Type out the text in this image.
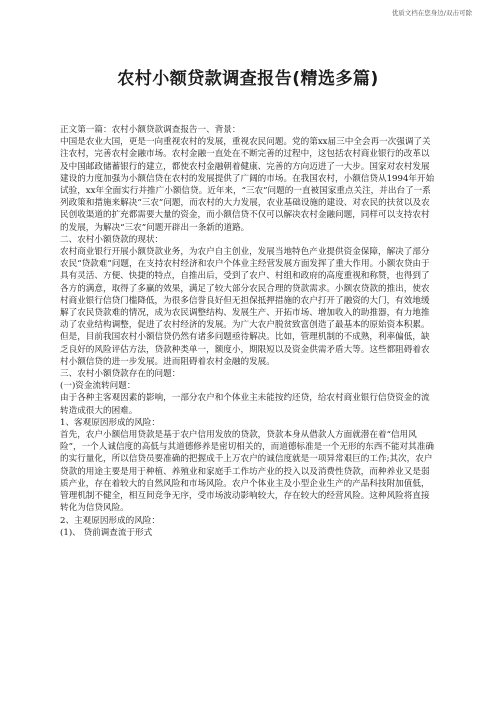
优质文档在您身边/双击可除
农村小额贷款调查报告(精选多篇)

正文第一篇：农村小额贷款调查报告一、背景：

中国是农业大国，更是一向重视农村的发展，重视农民问题。党的第xx届三中全会再一次强调了关注农村，完善农村金融市场。农村金融一直处在不断完善的过程中，这包括农村商业银行的改革以及中国邮政储蓄银行的建立，都使农村金融朝着健康、完善的方向迈进了一大步。国家对农村发展建设的力度加强为小额信贷在农村的发展提供了广阔的市场。在我国农村，小额信贷从1994年开始试验，xx年全面实行并推广小额信贷。近年来，“三农”问题的一直被国家重点关注，并出台了一系列政策和措施来解决“三农”问题，而农村的大力发展，农业基础设施的建设、对农民的扶贫以及农民创收渠道的扩充都需要大量的资金，而小额信贷不仅可以解决农村金融问题，同样可以支持农村的发展，为解决“三农”问题开辟出一条新的道路。

二、农村小额贷款的现状：

农村商业银行开展小额贷款业务，为农户自主创业，发展当地特色产业提供资金保障，解决了部分农民“贷款难”问题，在支持农村经济和农户个体业主经营发展方面发挥了重大作用。小额农贷由于具有灵活、方便、快捷的特点，自推出后，受到了农户、村组和政府的高度重视和称赞，也得到了各方的满意，取得了多赢的效果，满足了较大部分农民合理的贷款需求。小额农贷款的推出，使农村商业银行信贷门槛降低，为很多信誉良好但无担保抵押措施的农户打开了融资的大门，有效地缓解了农民贷款难的情况，成为农民调整结构、发展生产、开拓市场、增加收入的助推器，有力地推动了农业结构调整，促进了农村经济的发展。为广大农户脱贫致富创造了最基本的原始资本积累。但是，目前我国农村小额信贷仍然有诸多问题亟待解决。比如，管理机制的不成熟，利率偏低，缺乏良好的风险评估方法，贷款种类单一，额度小，期限短以及资金供需矛盾大等。这些都阻碍着农村小额信贷的进一步发展。进而阻碍着农村金融的发展。

三、农村小额贷款存在的问题：

(一)资金流转问题：

由于各种主客观因素的影响，一部分农户和个体业主未能按约还贷，给农村商业银行信贷资金的流转造成很大的困难。

1、客观原因形成的风险：

首先，农户小额信用贷款是基于农户信用发放的贷款，贷款本身从借款人方面就潜在着“信用风险”，一个人诚信度的高低与其道德修养是密切相关的，而道德标准是一个无形的东西不能对其准确的实行量化，所以信贷员要准确的把握成千上万农户的诚信度就是一项异常艰巨的工作;其次，农户贷款的用途主要是用于种植、养殖业和家庭手工作坊产业的投入以及消费性贷款，而种养业又是弱质产业，存在着较大的自然风险和市场风险。农户个体业主及小型企业生产的产品科技附加值低，管理机制不健全，相互间竞争无序，受市场波动影响较大，存在较大的经营风险。这种风险将直接转化为信贷风险。

2、主观原因形成的风险：

(1)、 贷前调查流于形式
